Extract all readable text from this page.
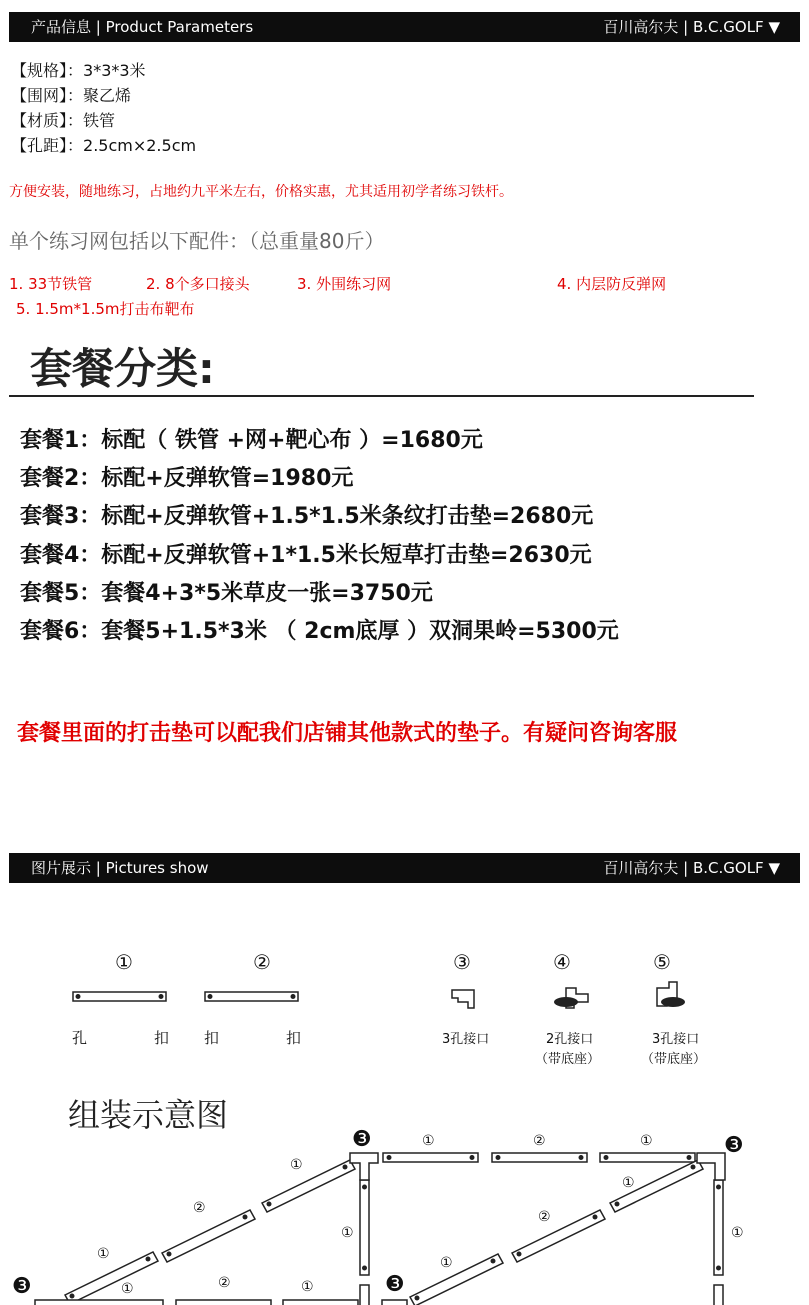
产品信息 | Product Parameters	百川高尔夫 | B.C.GOLF ▼
【规格】：3*3*3米
【围网】：聚乙烯
【材质】：铁管
【孔距】：2.5cm×2.5cm
方便安装，随地练习，占地约九平米左右，价格实惠，尤其适用初学者练习铁杆。
单个练习网包括以下配件：（总重量80斤）
1. 33节铁管	2. 8个多口接头	3. 外围练习网	4. 内层防反弹网
5. 1.5m*1.5m打击布靶布
套餐分类:
套餐1：标配（ 铁管 +网+靶心布 ）=1680元
套餐2：标配+反弹软管=1980元
套餐3：标配+反弹软管+1.5*1.5米条纹打击垫=2680元
套餐4：标配+反弹软管+1*1.5米长短草打击垫=2630元
套餐5：套餐4+3*5米草皮一张=3750元
套餐6：套餐5+1.5*3米 （ 2cm底厚 ）双洞果岭=5300元
套餐里面的打击垫可以配我们店铺其他款式的垫子。有疑问咨询客服
图片展示 | Pictures show	百川高尔夫 | B.C.GOLF ▼
①	②	③	④	⑤
孔	扣 扣	扣	3孔接口	2孔接口
（带底座）
3孔接口
（带底座）
组装示意图
❸	❸
❸	❸
①	②	①
①
②
①
①
②
①
①	①
①	②	①
